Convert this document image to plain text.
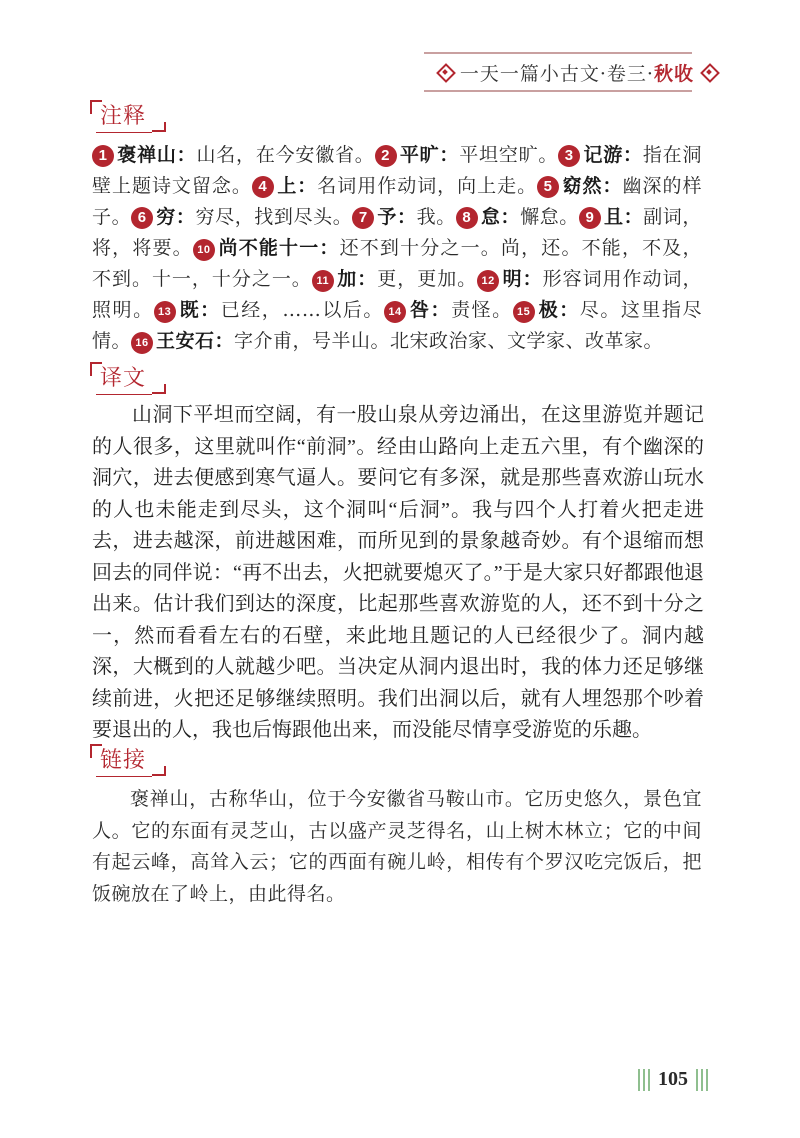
一天一篇小古文·卷三·秋收
注释
1 褒禅山：山名，在今安徽省。 2 平旷：平坦空旷。 3 记游：指在洞壁上题诗文留念。 4 上：名词用作动词，向上走。 5 窈然：幽深的样子。 6 穷：穷尽，找到尽头。 7 予：我。 8 怠：懈怠。 9 且：副词，将，将要。 10 尚不能十一：还不到十分之一。尚，还。不能，不及，不到。十一，十分之一。 11 加：更，更加。 12 明：形容词用作动词，照明。 13 既：已经，……以后。 14 咎：责怪。 15 极：尽。这里指尽情。 16 王安石：字介甫，号半山。北宋政治家、文学家、改革家。
译文

山洞下平坦而空阔，有一股山泉从旁边涌出，在这里游览并题记的人很多，这里就叫作“前洞”。经由山路向上走五六里，有个幽深的洞穴，进去便感到寒气逼人。要问它有多深，就是那些喜欢游山玩水的人也未能走到尽头，这个洞叫“后洞”。我与四个人打着火把走进去，进去越深，前进越困难，而所见到的景象越奇妙。有个退缩而想回去的同伴说：“再不出去，火把就要熄灭了。”于是大家只好都跟他退出来。估计我们到达的深度，比起那些喜欢游览的人，还不到十分之一，然而看看左右的石壁，来此地且题记的人已经很少了。洞内越深，大概到的人就越少吧。当决定从洞内退出时，我的体力还足够继续前进，火把还足够继续照明。我们出洞以后，就有人埋怨那个吵着要退出的人，我也后悔跟他出来，而没能尽情享受游览的乐趣。

链接

褒禅山，古称华山，位于今安徽省马鞍山市。它历史悠久，景色宜人。它的东面有灵芝山，古以盛产灵芝得名，山上树木林立；它的中间有起云峰，高耸入云；它的西面有碗儿岭，相传有个罗汉吃完饭后，把饭碗放在了岭上，由此得名。

105
